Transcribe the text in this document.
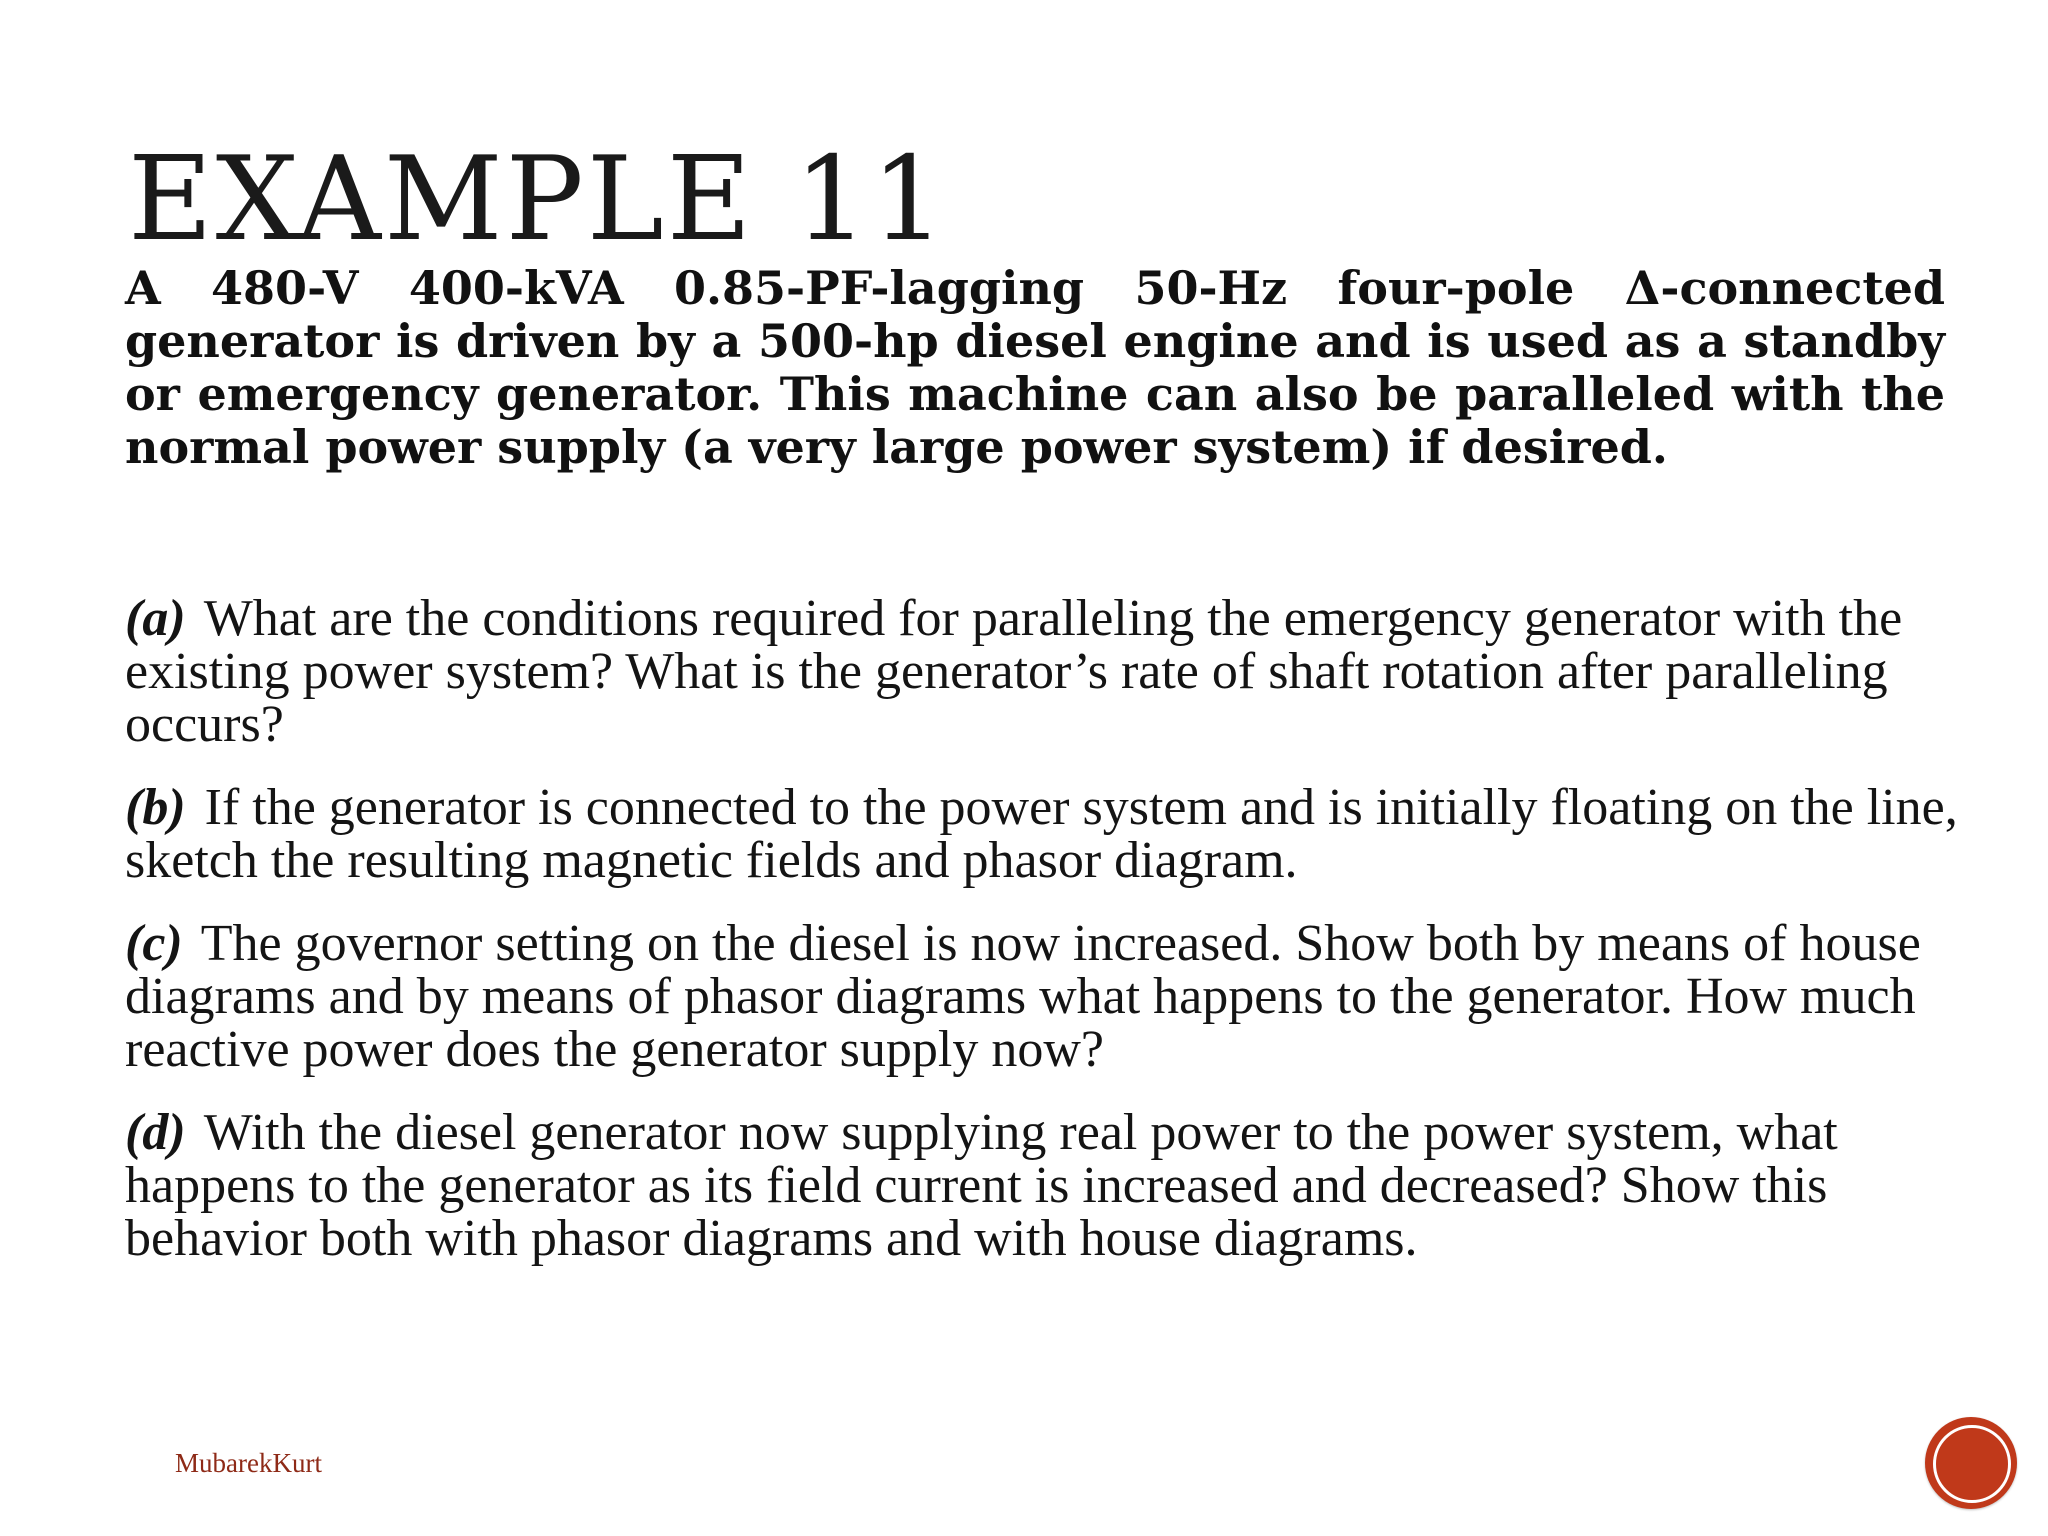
EXAMPLE 11

A 480-V 400-kVA 0.85-PF-lagging 50-Hz four-pole Δ-connected generator is driven by a 500-hp diesel engine and is used as a standby or emergency generator. This machine can also be paralleled with the normal power supply (a very large power system) if desired.

(a) What are the conditions required for paralleling the emergency generator with the existing power system? What is the generator’s rate of shaft rotation after paralleling occurs?
(b) If the generator is connected to the power system and is initially floating on the line, sketch the resulting magnetic fields and phasor diagram.
(c) The governor setting on the diesel is now increased. Show both by means of house diagrams and by means of phasor diagrams what happens to the generator. How much reactive power does the generator supply now?
(d) With the diesel generator now supplying real power to the power system, what happens to the generator as its field current is increased and decreased? Show this behavior both with phasor diagrams and with house diagrams.
MubarekKurt
